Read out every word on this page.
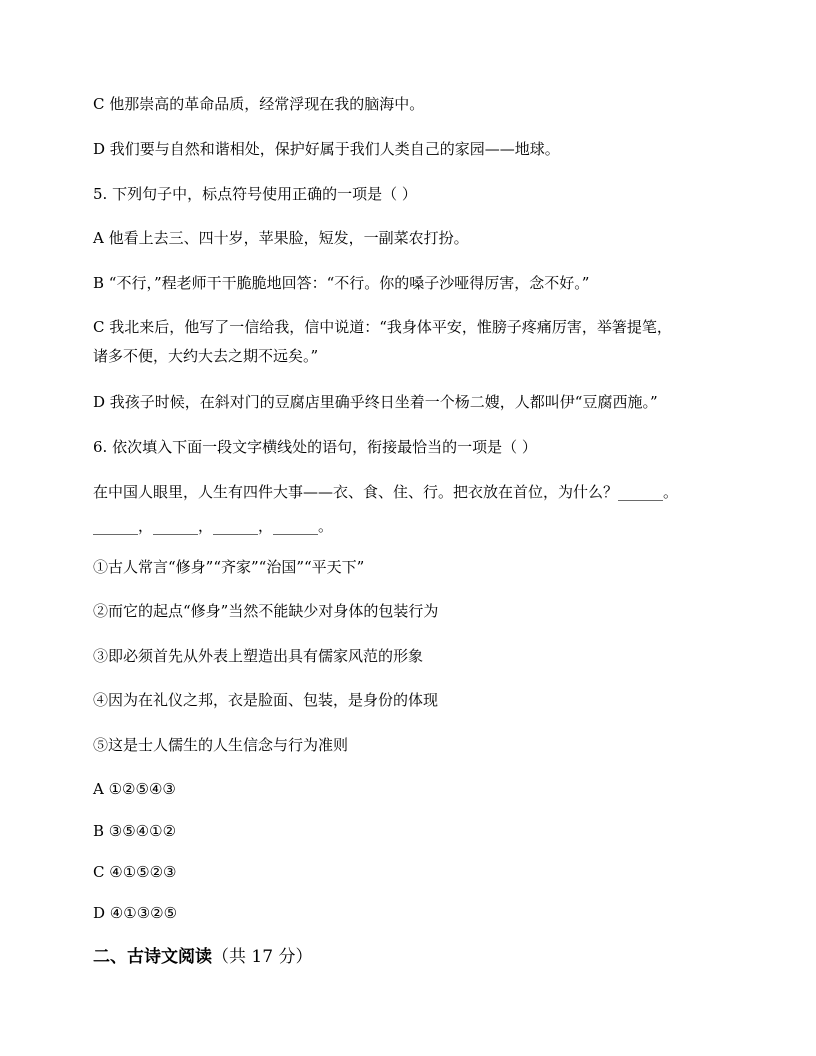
C 他那崇高的革命品质，经常浮现在我的脑海中。
D 我们要与自然和谐相处，保护好属于我们人类自己的家园——地球。
5. 下列句子中，标点符号使用正确的一项是（ ）
A 他看上去三、四十岁，苹果脸，短发，一副菜农打扮。
B “不行，”程老师干干脆脆地回答：“不行。你的嗓子沙哑得厉害，念不好。”
C 我北来后，他写了一信给我，信中说道：“我身体平安，惟膀子疼痛厉害，举箸提笔，
诸多不便，大约大去之期不远矣。”
D 我孩子时候，在斜对门的豆腐店里确乎终日坐着一个杨二嫂，人都叫伊“豆腐西施。”
6. 依次填入下面一段文字横线处的语句，衔接最恰当的一项是（ ）
在中国人眼里，人生有四件大事——衣、食、住、行。把衣放在首位，为什么？______。
______，______，______，______。
①古人常言“修身”“齐家”“治国”“平天下”
②而它的起点“修身”当然不能缺少对身体的包装行为
③即必须首先从外表上塑造出具有儒家风范的形象
④因为在礼仪之邦，衣是脸面、包装，是身份的体现
⑤这是士人儒生的人生信念与行为准则
A ①②⑤④③
B ③⑤④①②
C ④①⑤②③
D ④①③②⑤
二、古诗文阅读（共 17 分）
